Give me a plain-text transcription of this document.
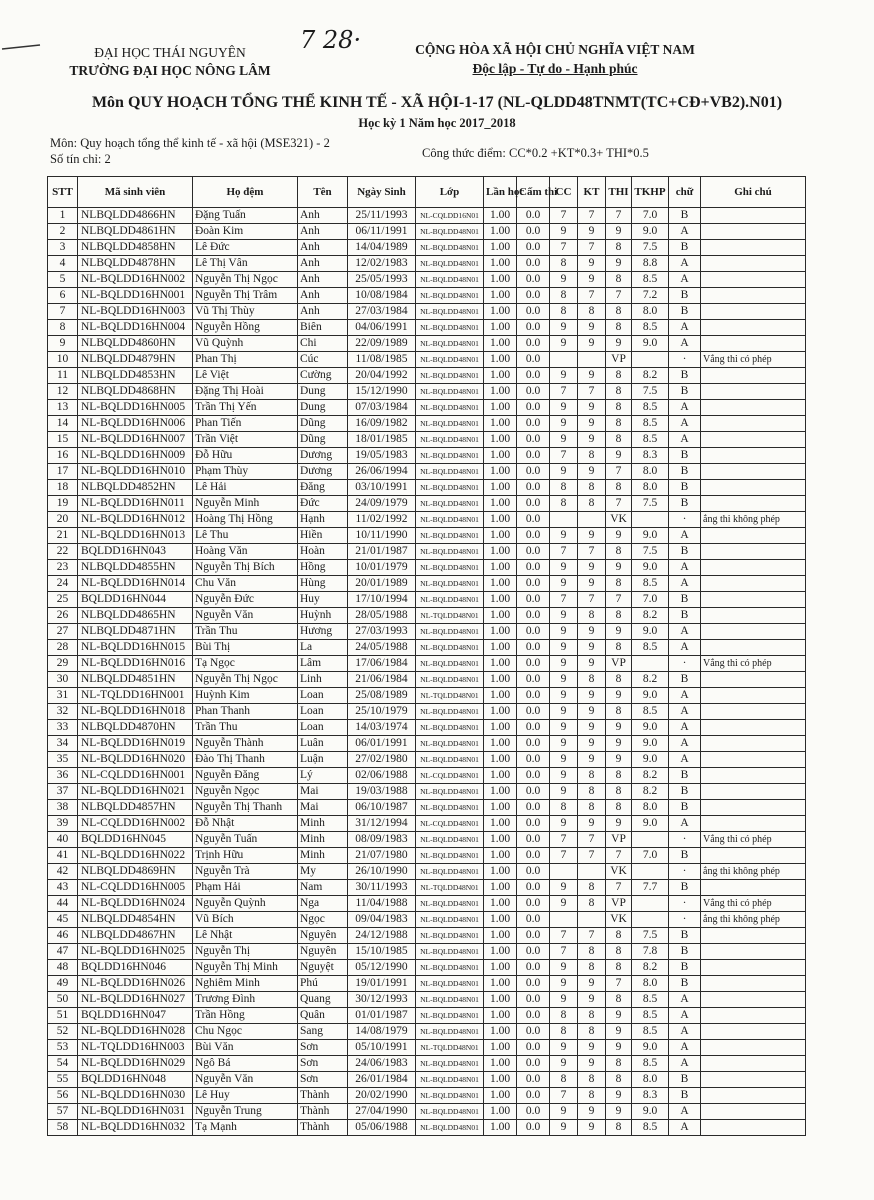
ĐẠI HỌC THÁI NGUYÊN
TRƯỜNG ĐẠI HỌC NÔNG LÂM
7 28·	CỘNG HÒA XÃ HỘI CHỦ NGHĨA VIỆT NAM
Độc lập - Tự do - Hạnh phúc
Môn QUY HOẠCH TỔNG THỂ KINH TẾ - XÃ HỘI-1-17 (NL-QLDD48TNMT(TC+CĐ+VB2).N01)
Học kỳ 1 Năm học 2017_2018
Môn: Quy hoạch tổng thể kinh tế - xã hội (MSE321) - 2
Số tín chỉ: 2	Công thức điểm: CC*0.2 +KT*0.3+ THI*0.5
STT	Mã sinh viên	Họ đệm	Tên	Ngày Sinh	Lớp	Lần học	Cấm thi	CC	KT	THI	TKHP	chữ	Ghi chú
1	NLBQLDD4866HN	Đặng Tuấn	Anh	25/11/1993	NL-CQLDD16N01	1.00	0.0	7	7	7	7.0	B	
2	NLBQLDD4861HN	Đoàn Kim	Anh	06/11/1991	NL-BQLDD48N01	1.00	0.0	9	9	9	9.0	A	
3	NLBQLDD4858HN	Lê Đức	Anh	14/04/1989	NL-BQLDD48N01	1.00	0.0	7	7	8	7.5	B	
4	NLBQLDD4878HN	Lê Thị Vân	Anh	12/02/1983	NL-BQLDD48N01	1.00	0.0	8	9	9	8.8	A	
5	NL-BQLDD16HN002	Nguyễn Thị Ngọc	Anh	25/05/1993	NL-BQLDD48N01	1.00	0.0	9	9	8	8.5	A	
6	NL-BQLDD16HN001	Nguyễn Thị Trâm	Anh	10/08/1984	NL-BQLDD48N01	1.00	0.0	8	7	7	7.2	B	
7	NL-BQLDD16HN003	Vũ Thị Thùy	Anh	27/03/1984	NL-BQLDD48N01	1.00	0.0	8	8	8	8.0	B	
8	NL-BQLDD16HN004	Nguyễn Hồng	Biên	04/06/1991	NL-BQLDD48N01	1.00	0.0	9	9	8	8.5	A	
9	NLBQLDD4860HN	Vũ Quỳnh	Chi	22/09/1989	NL-BQLDD48N01	1.00	0.0	9	9	9	9.0	A	
10	NLBQLDD4879HN	Phan Thị	Cúc	11/08/1985	NL-BQLDD48N01	1.00	0.0			VP		·	Vắng thi có phép
11	NLBQLDD4853HN	Lê Việt	Cường	20/04/1992	NL-BQLDD48N01	1.00	0.0	9	9	8	8.2	B	
12	NLBQLDD4868HN	Đặng Thị Hoài	Dung	15/12/1990	NL-BQLDD48N01	1.00	0.0	7	7	8	7.5	B	
13	NL-BQLDD16HN005	Trần Thị Yến	Dung	07/03/1984	NL-BQLDD48N01	1.00	0.0	9	9	8	8.5	A	
14	NL-BQLDD16HN006	Phan Tiến	Dũng	16/09/1982	NL-BQLDD48N01	1.00	0.0	9	9	8	8.5	A	
15	NL-BQLDD16HN007	Trần Việt	Dũng	18/01/1985	NL-BQLDD48N01	1.00	0.0	9	9	8	8.5	A	
16	NL-BQLDD16HN009	Đỗ Hữu	Dương	19/05/1983	NL-BQLDD48N01	1.00	0.0	7	8	9	8.3	B	
17	NL-BQLDD16HN010	Phạm Thùy	Dương	26/06/1994	NL-BQLDD48N01	1.00	0.0	9	9	7	8.0	B	
18	NLBQLDD4852HN	Lê Hải	Đăng	03/10/1991	NL-BQLDD48N01	1.00	0.0	8	8	8	8.0	B	
19	NL-BQLDD16HN011	Nguyễn Minh	Đức	24/09/1979	NL-BQLDD48N01	1.00	0.0	8	8	7	7.5	B	
20	NL-BQLDD16HN012	Hoàng Thị Hồng	Hạnh	11/02/1992	NL-BQLDD48N01	1.00	0.0			VK		·	ắng thi không phép
21	NL-BQLDD16HN013	Lê Thu	Hiền	10/11/1990	NL-BQLDD48N01	1.00	0.0	9	9	9	9.0	A	
22	BQLDD16HN043	Hoàng Văn	Hoàn	21/01/1987	NL-BQLDD48N01	1.00	0.0	7	7	8	7.5	B	
23	NLBQLDD4855HN	Nguyễn Thị Bích	Hồng	10/01/1979	NL-BQLDD48N01	1.00	0.0	9	9	9	9.0	A	
24	NL-BQLDD16HN014	Chu Văn	Hùng	20/01/1989	NL-BQLDD48N01	1.00	0.0	9	9	8	8.5	A	
25	BQLDD16HN044	Nguyễn Đức	Huy	17/10/1994	NL-BQLDD48N01	1.00	0.0	7	7	7	7.0	B	
26	NLBQLDD4865HN	Nguyễn Văn	Huỳnh	28/05/1988	NL-TQLDD48N01	1.00	0.0	9	8	8	8.2	B	
27	NLBQLDD4871HN	Trần Thu	Hương	27/03/1993	NL-BQLDD48N01	1.00	0.0	9	9	9	9.0	A	
28	NL-BQLDD16HN015	Bùi Thị	La	24/05/1988	NL-BQLDD48N01	1.00	0.0	9	9	8	8.5	A	
29	NL-BQLDD16HN016	Tạ Ngọc	Lâm	17/06/1984	NL-BQLDD48N01	1.00	0.0	9	9	VP		·	Vắng thi có phép
30	NLBQLDD4851HN	Nguyễn Thị Ngọc	Linh	21/06/1984	NL-BQLDD48N01	1.00	0.0	9	8	8	8.2	B	
31	NL-TQLDD16HN001	Huỳnh Kim	Loan	25/08/1989	NL-TQLDD48N01	1.00	0.0	9	9	9	9.0	A	
32	NL-BQLDD16HN018	Phan Thanh	Loan	25/10/1979	NL-BQLDD48N01	1.00	0.0	9	9	8	8.5	A	
33	NLBQLDD4870HN	Trần Thu	Loan	14/03/1974	NL-BQLDD48N01	1.00	0.0	9	9	9	9.0	A	
34	NL-BQLDD16HN019	Nguyễn Thành	Luân	06/01/1991	NL-BQLDD48N01	1.00	0.0	9	9	9	9.0	A	
35	NL-BQLDD16HN020	Đào Thị Thanh	Luận	27/02/1980	NL-BQLDD48N01	1.00	0.0	9	9	9	9.0	A	
36	NL-CQLDD16HN001	Nguyễn Đăng	Lý	02/06/1988	NL-CQLDD48N01	1.00	0.0	9	8	8	8.2	B	
37	NL-BQLDD16HN021	Nguyễn Ngọc	Mai	19/03/1988	NL-BQLDD48N01	1.00	0.0	9	8	8	8.2	B	
38	NLBQLDD4857HN	Nguyễn Thị Thanh	Mai	06/10/1987	NL-BQLDD48N01	1.00	0.0	8	8	8	8.0	B	
39	NL-CQLDD16HN002	Đỗ Nhật	Minh	31/12/1994	NL-CQLDD48N01	1.00	0.0	9	9	9	9.0	A	
40	BQLDD16HN045	Nguyễn Tuấn	Minh	08/09/1983	NL-BQLDD48N01	1.00	0.0	7	7	VP		·	Vắng thi có phép
41	NL-BQLDD16HN022	Trịnh Hữu	Minh	21/07/1980	NL-BQLDD48N01	1.00	0.0	7	7	7	7.0	B	
42	NLBQLDD4869HN	Nguyễn Trà	My	26/10/1990	NL-BQLDD48N01	1.00	0.0			VK		·	ắng thi không phép
43	NL-CQLDD16HN005	Phạm Hải	Nam	30/11/1993	NL-TQLDD48N01	1.00	0.0	9	8	7	7.7	B	
44	NL-BQLDD16HN024	Nguyễn Quỳnh	Nga	11/04/1988	NL-BQLDD48N01	1.00	0.0	9	8	VP		·	Vắng thi có phép
45	NLBQLDD4854HN	Vũ Bích	Ngọc	09/04/1983	NL-BQLDD48N01	1.00	0.0			VK		·	ắng thi không phép
46	NLBQLDD4867HN	Lê Nhật	Nguyên	24/12/1988	NL-BQLDD48N01	1.00	0.0	7	7	8	7.5	B	
47	NL-BQLDD16HN025	Nguyễn Thị	Nguyên	15/10/1985	NL-BQLDD48N01	1.00	0.0	7	8	8	7.8	B	
48	BQLDD16HN046	Nguyễn Thị Minh	Nguyệt	05/12/1990	NL-BQLDD48N01	1.00	0.0	9	8	8	8.2	B	
49	NL-BQLDD16HN026	Nghiêm Minh	Phú	19/01/1991	NL-BQLDD48N01	1.00	0.0	9	9	7	8.0	B	
50	NL-BQLDD16HN027	Trương Đình	Quang	30/12/1993	NL-BQLDD48N01	1.00	0.0	9	9	8	8.5	A	
51	BQLDD16HN047	Trần Hồng	Quân	01/01/1987	NL-BQLDD48N01	1.00	0.0	8	8	9	8.5	A	
52	NL-BQLDD16HN028	Chu Ngọc	Sang	14/08/1979	NL-BQLDD48N01	1.00	0.0	8	8	9	8.5	A	
53	NL-TQLDD16HN003	Bùi Văn	Sơn	05/10/1991	NL-TQLDD48N01	1.00	0.0	9	9	9	9.0	A	
54	NL-BQLDD16HN029	Ngô Bá	Sơn	24/06/1983	NL-BQLDD48N01	1.00	0.0	9	9	8	8.5	A	
55	BQLDD16HN048	Nguyễn Văn	Sơn	26/01/1984	NL-BQLDD48N01	1.00	0.0	8	8	8	8.0	B	
56	NL-BQLDD16HN030	Lê Huy	Thành	20/02/1990	NL-BQLDD48N01	1.00	0.0	7	8	9	8.3	B	
57	NL-BQLDD16HN031	Nguyễn Trung	Thành	27/04/1990	NL-BQLDD48N01	1.00	0.0	9	9	9	9.0	A	
58	NL-BQLDD16HN032	Tạ Mạnh	Thành	05/06/1988	NL-BQLDD48N01	1.00	0.0	9	9	8	8.5	A	
